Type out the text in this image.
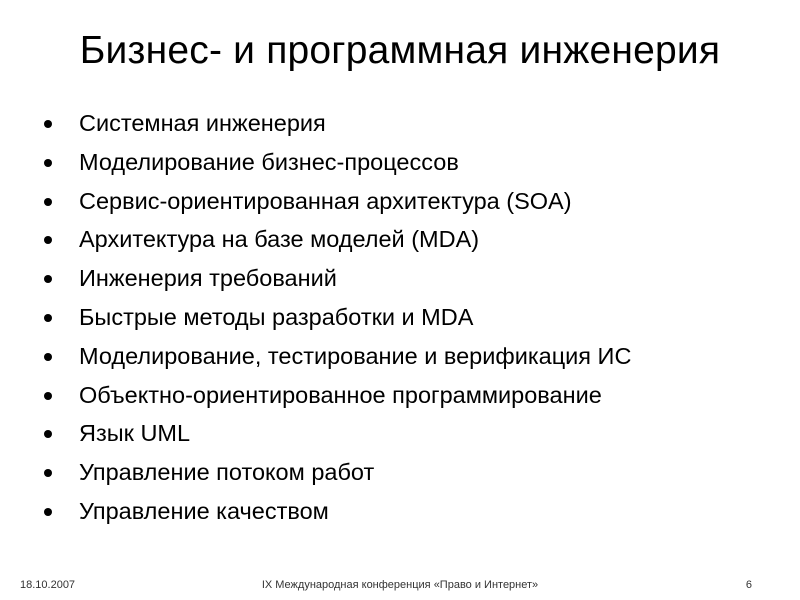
Бизнес- и программная инженерия
Системная инженерия
Моделирование бизнес-процессов
Сервис-ориентированная архитектура (SOA)
Архитектура на базе моделей (MDA)
Инженерия требований
Быстрые методы разработки и MDA
Моделирование, тестирование и верификация ИС
Объектно-ориентированное программирование
Язык UML
Управление потоком работ
Управление качеством
18.10.2007	IX Международная конференция «Право и Интернет»	6
